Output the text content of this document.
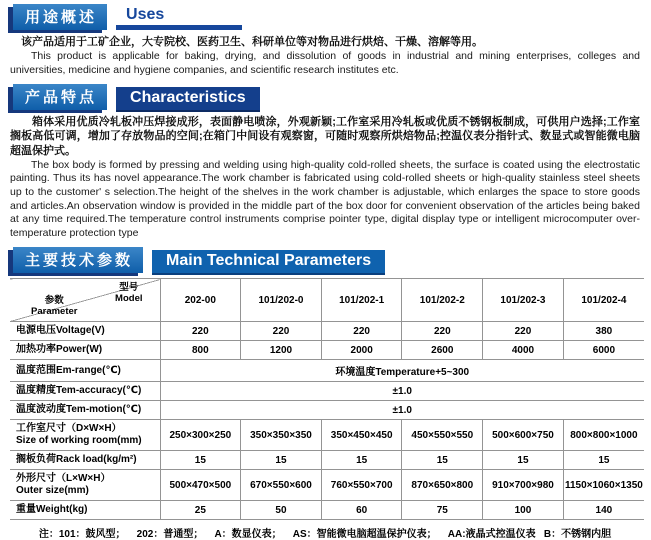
用途概述	Uses
该产品适用于工矿企业，大专院校、医药卫生、科研单位等对物品进行烘焙、干燥、溶解等用。
This product is applicable for baking, drying, and dissolution of goods in industrial and mining enterprises, colleges and universities, medicine and hygiene companies, and scientific research institutes etc.
产品特点	Characteristics
箱体采用优质冷轧板冲压焊接成形，表面静电喷涂，外观新颖;工作室采用冷轧板或优质不锈钢板制成，可供用户选择;工作室搁板高低可调，增加了存放物品的空间;在箱门中间设有观察窗，可随时观察所烘焙物品;控温仪表分指针式、数显式或智能微电脑超温保护式。
The box body is formed by pressing and welding using high-quality cold-rolled sheets, the surface is coated using the electrostatic painting. Thus its has novel appearance.The work chamber is fabricated using cold-rolled sheets or high-quality stainless steel sheets up to the customer' s selection.The height of the shelves in the work chamber is adjustable, which enlarges the space to store goods and articles.An observation window is provided in the middle part of the box door for convenient observation of the articles being baked at any time required.The temperature control instruments comprise pointer type, digital display type or intelligent microcomputer over-temperature protection type
主要技术参数	Main Technical Parameters
型号
Model
参数
Parameter	202-00	101/202-0	101/202-1	101/202-2	101/202-3	101/202-4
电源电压Voltage(V)	220	220	220	220	220	380
加热功率Power(W)	800	1200	2000	2600	4000	6000
温度范围Em-range(℃)	环境温度Temperature+5~300					
温度精度Tem-accuracy(℃)	±1.0					
温度波动度Tem-motion(℃)	±1.0					

工作室尺寸（D×W×H）
Size of working room(mm)	250×300×250	350×350×350	350×450×450	450×550×550	500×600×750	800×800×1000
搁板负荷Rack load(kg/m²)	15	15	15	15	15	15

外形尺寸（L×W×H）
Outer size(mm)	500×470×500	670×550×600	760×550×700	870×650×800	910×700×980	1150×1060×1350
重量Weight(kg)	25	50	60	75	100	140
注：101：鼓风型；    202：普通型；    A：数显仪表；    AS：智能微电脑超温保护仪表；    AA:液晶式控温仪表   B：不锈钢内胆
